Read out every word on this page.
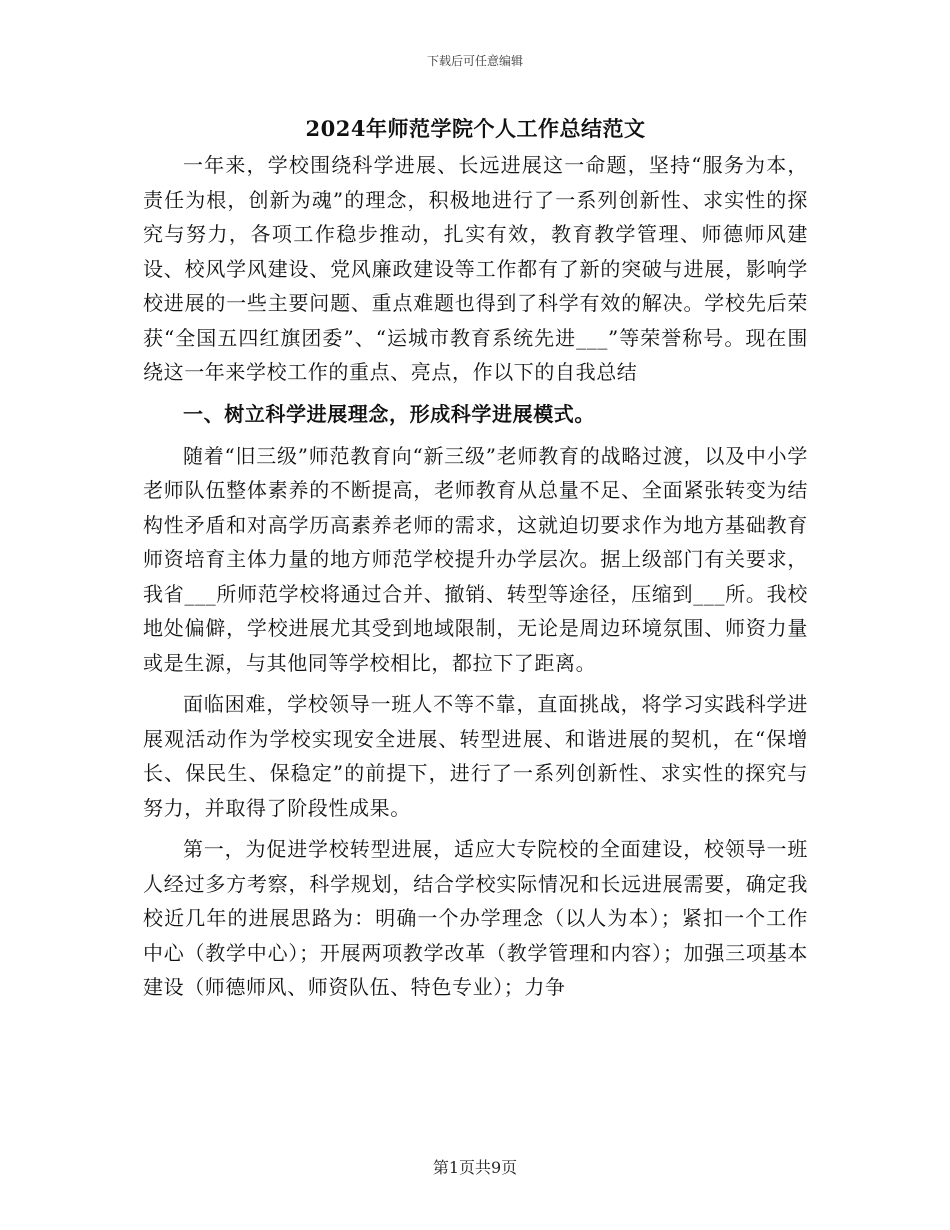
下载后可任意编辑
2024年师范学院个人工作总结范文

一年来，学校围绕科学进展、长远进展这一命题，坚持“服务为本，责任为根，创新为魂”的理念，积极地进行了一系列创新性、求实性的探究与努力，各项工作稳步推动，扎实有效，教育教学管理、师德师风建设、校风学风建设、党风廉政建设等工作都有了新的突破与进展，影响学校进展的一些主要问题、重点难题也得到了科学有效的解决。学校先后荣获“全国五四红旗团委”、“运城市教育系统先进___”等荣誉称号。现在围绕这一年来学校工作的重点、亮点，作以下的自我总结

一、树立科学进展理念，形成科学进展模式。

随着“旧三级”师范教育向“新三级”老师教育的战略过渡，以及中小学老师队伍整体素养的不断提高，老师教育从总量不足、全面紧张转变为结构性矛盾和对高学历高素养老师的需求，这就迫切要求作为地方基础教育师资培育主体力量的地方师范学校提升办学层次。据上级部门有关要求，我省___所师范学校将通过合并、撤销、转型等途径，压缩到___所。我校地处偏僻，学校进展尤其受到地域限制，无论是周边环境氛围、师资力量或是生源，与其他同等学校相比，都拉下了距离。

面临困难，学校领导一班人不等不靠，直面挑战，将学习实践科学进展观活动作为学校实现安全进展、转型进展、和谐进展的契机，在“保增长、保民生、保稳定”的前提下，进行了一系列创新性、求实性的探究与努力，并取得了阶段性成果。

第一，为促进学校转型进展，适应大专院校的全面建设，校领导一班人经过多方考察，科学规划，结合学校实际情况和长远进展需要，确定我校近几年的进展思路为：明确一个办学理念（以人为本）；紧扣一个工作中心（教学中心）；开展两项教学改革（教学管理和内容）；加强三项基本建设（师德师风、师资队伍、特色专业）；力争

第1页共9页
